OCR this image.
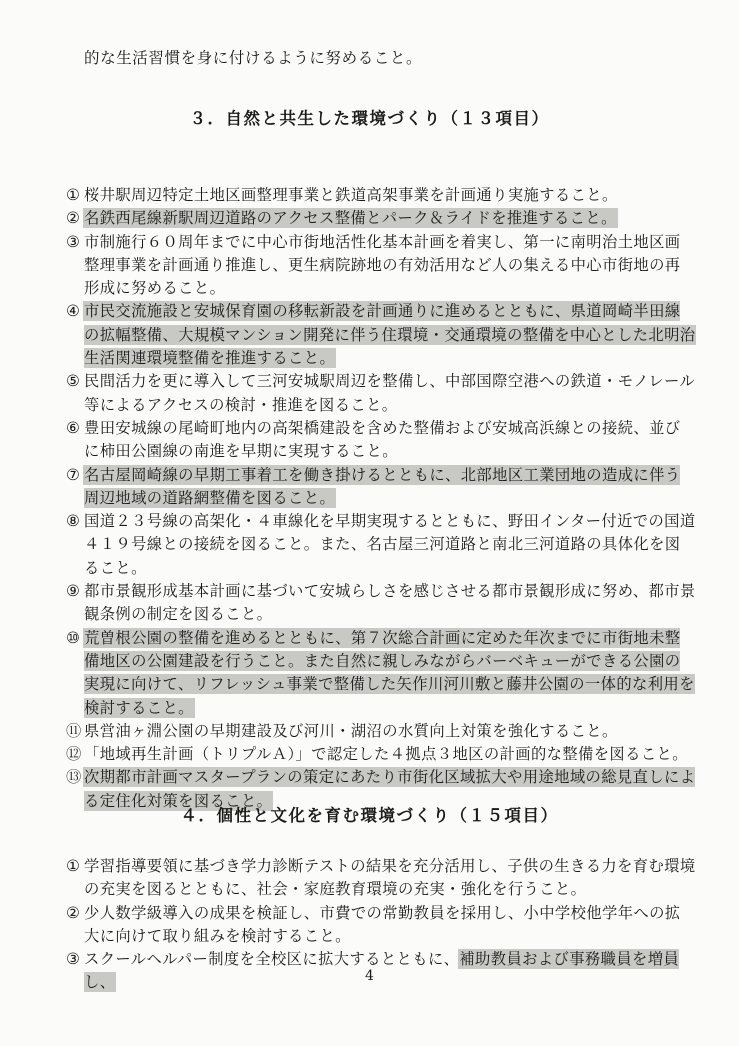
的な生活習慣を身に付けるように努めること。
３．自然と共生した環境づくり（１３項目）
① 桜井駅周辺特定土地区画整理事業と鉄道高架事業を計画通り実施すること。
② 名鉄西尾線新駅周辺道路のアクセス整備とパーク＆ライドを推進すること。
③ 市制施行６０周年までに中心市街地活性化基本計画を着実し、第一に南明治土地区画整理事業を計画通り推進し、更生病院跡地の有効活用など人の集える中心市街地の再形成に努めること。
④ 市民交流施設と安城保育園の移転新設を計画通りに進めるとともに、県道岡崎半田線の拡幅整備、大規模マンション開発に伴う住環境・交通環境の整備を中心とした北明治生活関連環境整備を推進すること。
⑤ 民間活力を更に導入して三河安城駅周辺を整備し、中部国際空港への鉄道・モノレール等によるアクセスの検討・推進を図ること。
⑥ 豊田安城線の尾崎町地内の高架橋建設を含めた整備および安城高浜線との接続、並びに柿田公園線の南進を早期に実現すること。
⑦ 名古屋岡崎線の早期工事着工を働き掛けるとともに、北部地区工業団地の造成に伴う周辺地域の道路網整備を図ること。
⑧ 国道２３号線の高架化・４車線化を早期実現するとともに、野田インター付近での国道４１９号線との接続を図ること。また、名古屋三河道路と南北三河道路の具体化を図ること。
⑨ 都市景観形成基本計画に基づいて安城らしさを感じさせる都市景観形成に努め、都市景観条例の制定を図ること。
⑩ 荒曽根公園の整備を進めるとともに、第７次総合計画に定めた年次までに市街地未整備地区の公園建設を行うこと。また自然に親しみながらバーベキューができる公園の実現に向けて、リフレッシュ事業で整備した矢作川河川敷と藤井公園の一体的な利用を検討すること。
⑪ 県営油ヶ淵公園の早期建設及び河川・湖沼の水質向上対策を強化すること。
⑫ 「地域再生計画（トリプルＡ）」で認定した４拠点３地区の計画的な整備を図ること。
⑬ 次期都市計画マスタープランの策定にあたり市街化区域拡大や用途地域の総見直しによる定住化対策を図ること。
４．個性と文化を育む環境づくり（１５項目）
① 学習指導要領に基づき学力診断テストの結果を充分活用し、子供の生きる力を育む環境の充実を図るとともに、社会・家庭教育環境の充実・強化を行うこと。
② 少人数学級導入の成果を検証し、市費での常勤教員を採用し、小中学校他学年への拡大に向けて取り組みを検討すること。
③ スクールヘルパー制度を全校区に拡大するとともに、補助教員および事務職員を増員し、	4
